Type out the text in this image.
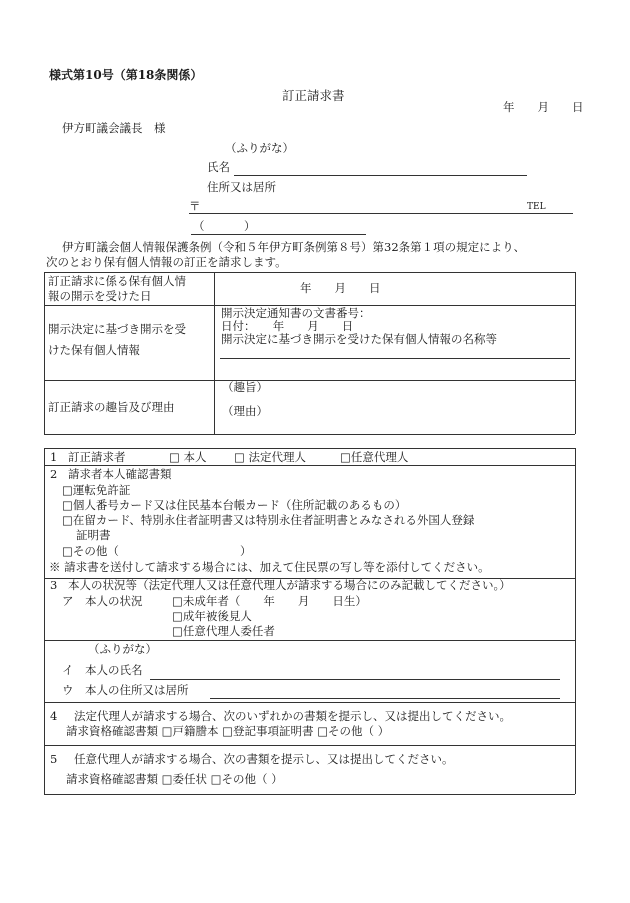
様式第10号（第18条関係）
訂正請求書
年　　月　　日
伊方町議会議長　様
（ふりがな）
氏名
住所又は居所
〒	TEL
（	）
伊方町議会個人情報保護条例（令和５年伊方町条例第８号）第32条第１項の規定により、
次のとおり保有個人情報の訂正を請求します。
訂正請求に係る保有個人情
報の開示を受けた日
年　　月　　日
開示決定に基づき開示を受
けた保有個人情報
開示決定通知書の文書番号：
日付：　　年　　月　　日
開示決定に基づき開示を受けた保有個人情報の名称等
訂正請求の趣旨及び理由
（趣旨）
（理由）
1 訂正請求者	□ 本人 □ 法定代理人	□任意代理人
2 請求者本人確認書類
□運転免許証
□個人番号カード又は住民基本台帳カード（住所記載のあるもの）
□在留カード、特別永住者証明書又は特別永住者証明書とみなされる外国人登録
証明書
□その他（	）
※ 請求書を送付して請求する場合には、加えて住民票の写し等を添付してください。
3 本人の状況等（法定代理人又は任意代理人が請求する場合にのみ記載してください。）
ア　本人の状況	□未成年者（　　年　　月　　日生）
□成年被後見人
□任意代理人委任者
（ふりがな）
イ　本人の氏名
ウ　本人の住所又は居所
4 法定代理人が請求する場合、次のいずれかの書類を提示し、又は提出してください。
請求資格確認書類 □戸籍謄本 □登記事項証明書 □その他（ ）
5 任意代理人が請求する場合、次の書類を提示し、又は提出してください。
請求資格確認書類 □委任状 □その他（ ）
